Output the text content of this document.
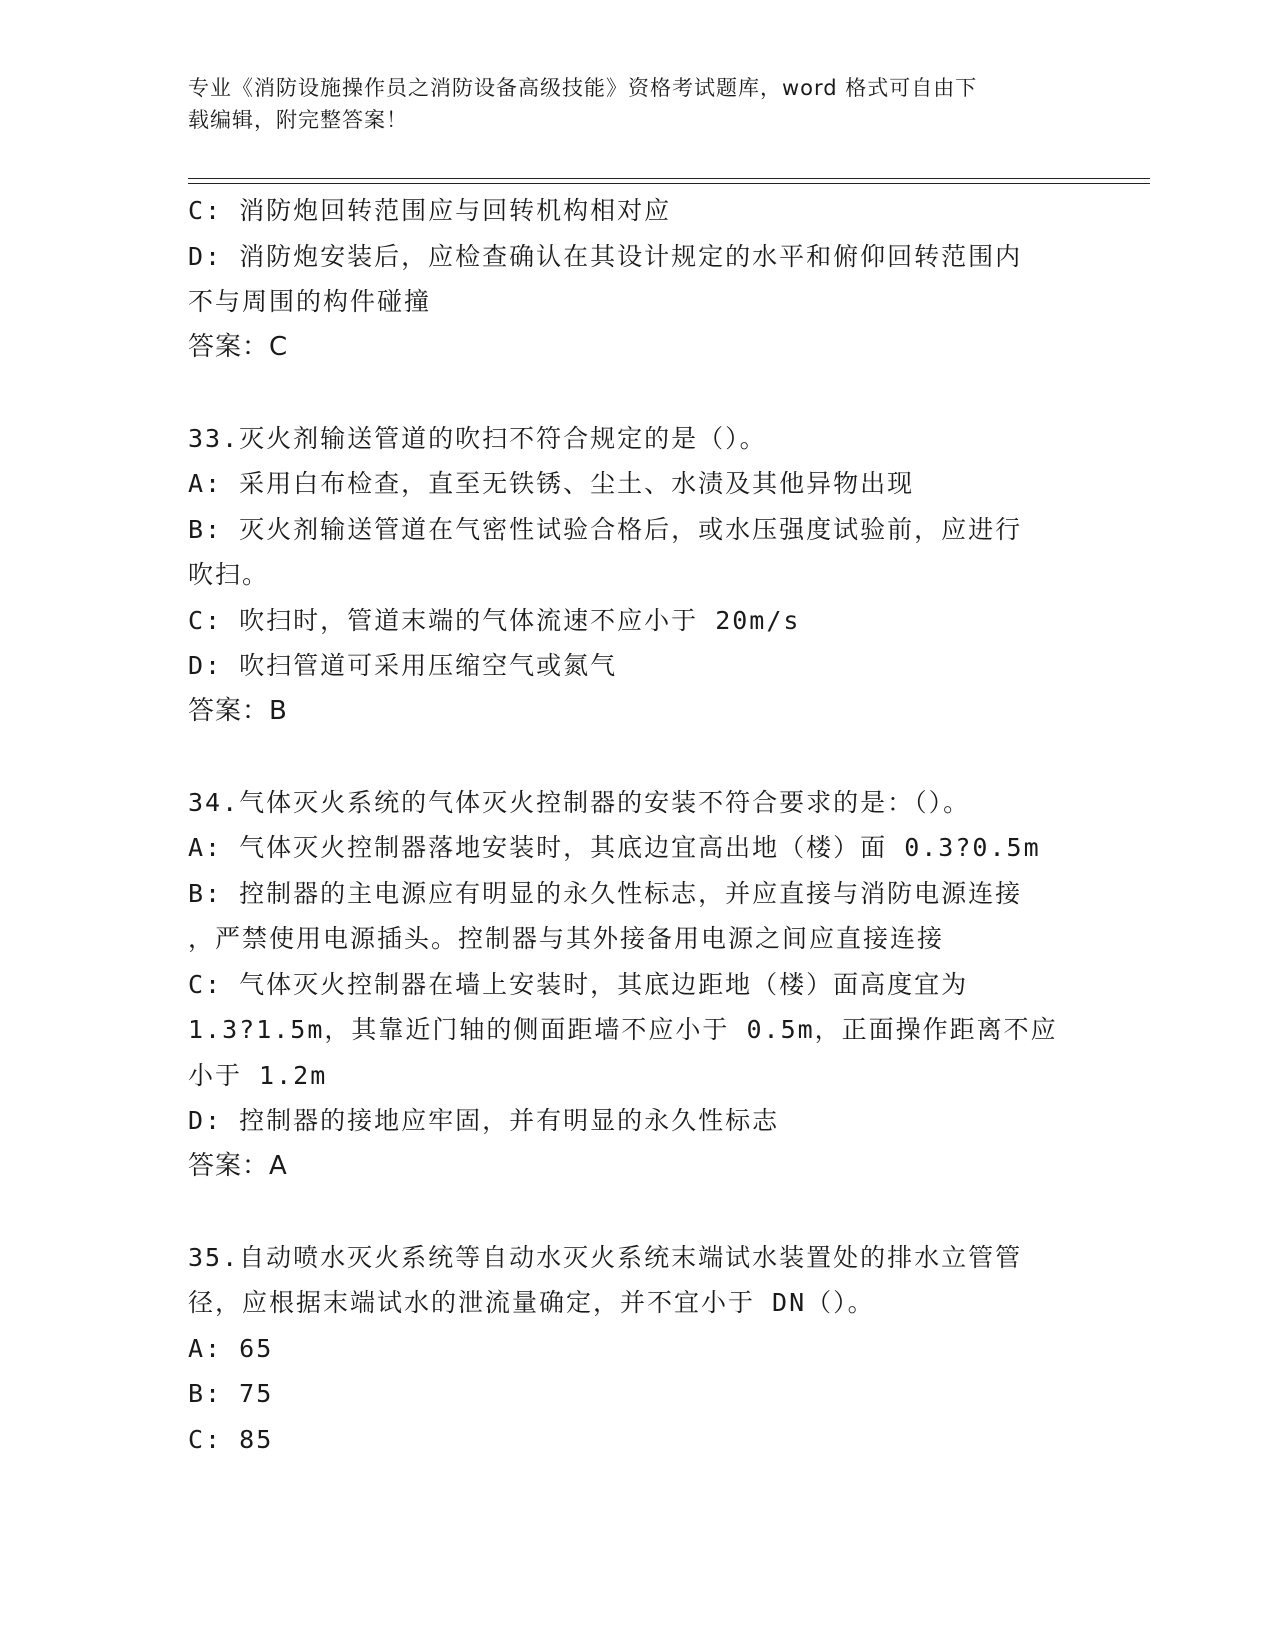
专业《消防设施操作员之消防设备高级技能》资格考试题库，word 格式可自由下
载编辑，附完整答案！
C: 消防炮回转范围应与回转机构相对应
D: 消防炮安装后，应检查确认在其设计规定的水平和俯仰回转范围内
不与周围的构件碰撞
答案：C
33.灭火剂输送管道的吹扫不符合规定的是（）。
A: 采用白布检查，直至无铁锈、尘土、水渍及其他异物出现
B: 灭火剂输送管道在气密性试验合格后，或水压强度试验前，应进行
吹扫。
C: 吹扫时，管道末端的气体流速不应小于 20m/s
D: 吹扫管道可采用压缩空气或氮气
答案：B
34.气体灭火系统的气体灭火控制器的安装不符合要求的是：（）。
A: 气体灭火控制器落地安装时，其底边宜高出地（楼）面 0.3?0.5m
B: 控制器的主电源应有明显的永久性标志，并应直接与消防电源连接
，严禁使用电源插头。控制器与其外接备用电源之间应直接连接
C: 气体灭火控制器在墙上安装时，其底边距地（楼）面高度宜为
1.3?1.5m，其靠近门轴的侧面距墙不应小于 0.5m，正面操作距离不应
小于 1.2m
D: 控制器的接地应牢固，并有明显的永久性标志
答案：A
35.自动喷水灭火系统等自动水灭火系统末端试水装置处的排水立管管
径，应根据末端试水的泄流量确定，并不宜小于 DN（）。
A: 65
B: 75
C: 85
